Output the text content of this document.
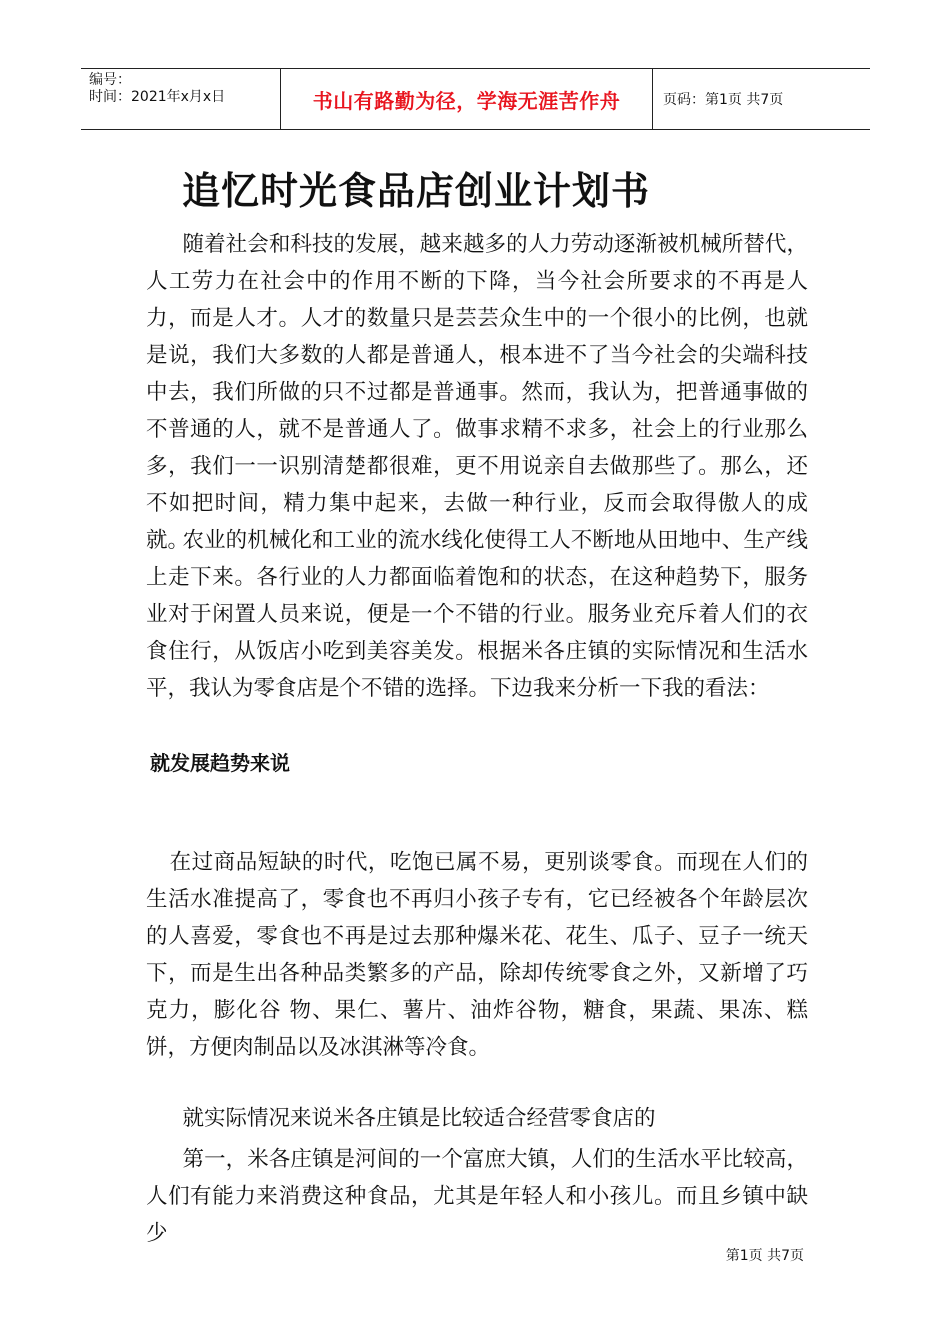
编号：
时间：2021年x月x日	书山有路勤为径，学海无涯苦作舟	页码：第1页 共7页
追忆时光食品店创业计划书

随着社会和科技的发展，越来越多的人力劳动逐渐被机械所替代，人工劳力在社会中的作用不断的下降，当今社会所要求的不再是人力，而是人才。人才的数量只是芸芸众生中的一个很小的比例，也就是说，我们大多数的人都是普通人，根本进不了当今社会的尖端科技中去，我们所做的只不过都是普通事。然而，我认为，把普通事做的不普通的人，就不是普通人了。做事求精不求多，社会上的行业那么多，我们一一识别清楚都很难，更不用说亲自去做那些了。那么，还不如把时间，精力集中起来，去做一种行业，反而会取得傲人的成就。

农业的机械化和工业的流水线化使得工人不断地从田地中、生产线上走下来。各行业的人力都面临着饱和的状态，在这种趋势下，服务业对于闲置人员来说，便是一个不错的行业。服务业充斥着人们的衣食住行，从饭店小吃到美容美发。根据米各庄镇的实际情况和生活水平，我认为零食店是个不错的选择。下边我来分析一下我的看法：

就发展趋势来说

在过商品短缺的时代，吃饱已属不易，更别谈零食。而现在人们的生活水准提高了，零食也不再归小孩子专有，它已经被各个年龄层次的人喜爱，零食也不再是过去那种爆米花、花生、瓜子、豆子一统天下，而是生出各种品类繁多的产品，除却传统零食之外，又新增了巧克力，膨化谷 物、果仁、薯片、油炸谷物，糖食，果蔬、果冻、糕饼，方便肉制品以及冰淇淋等冷食。

就实际情况来说米各庄镇是比较适合经营零食店的

第一，米各庄镇是河间的一个富庶大镇，人们的生活水平比较高，人们有能力来消费这种食品，尤其是年轻人和小孩儿。而且乡镇中缺少

第1页 共7页
